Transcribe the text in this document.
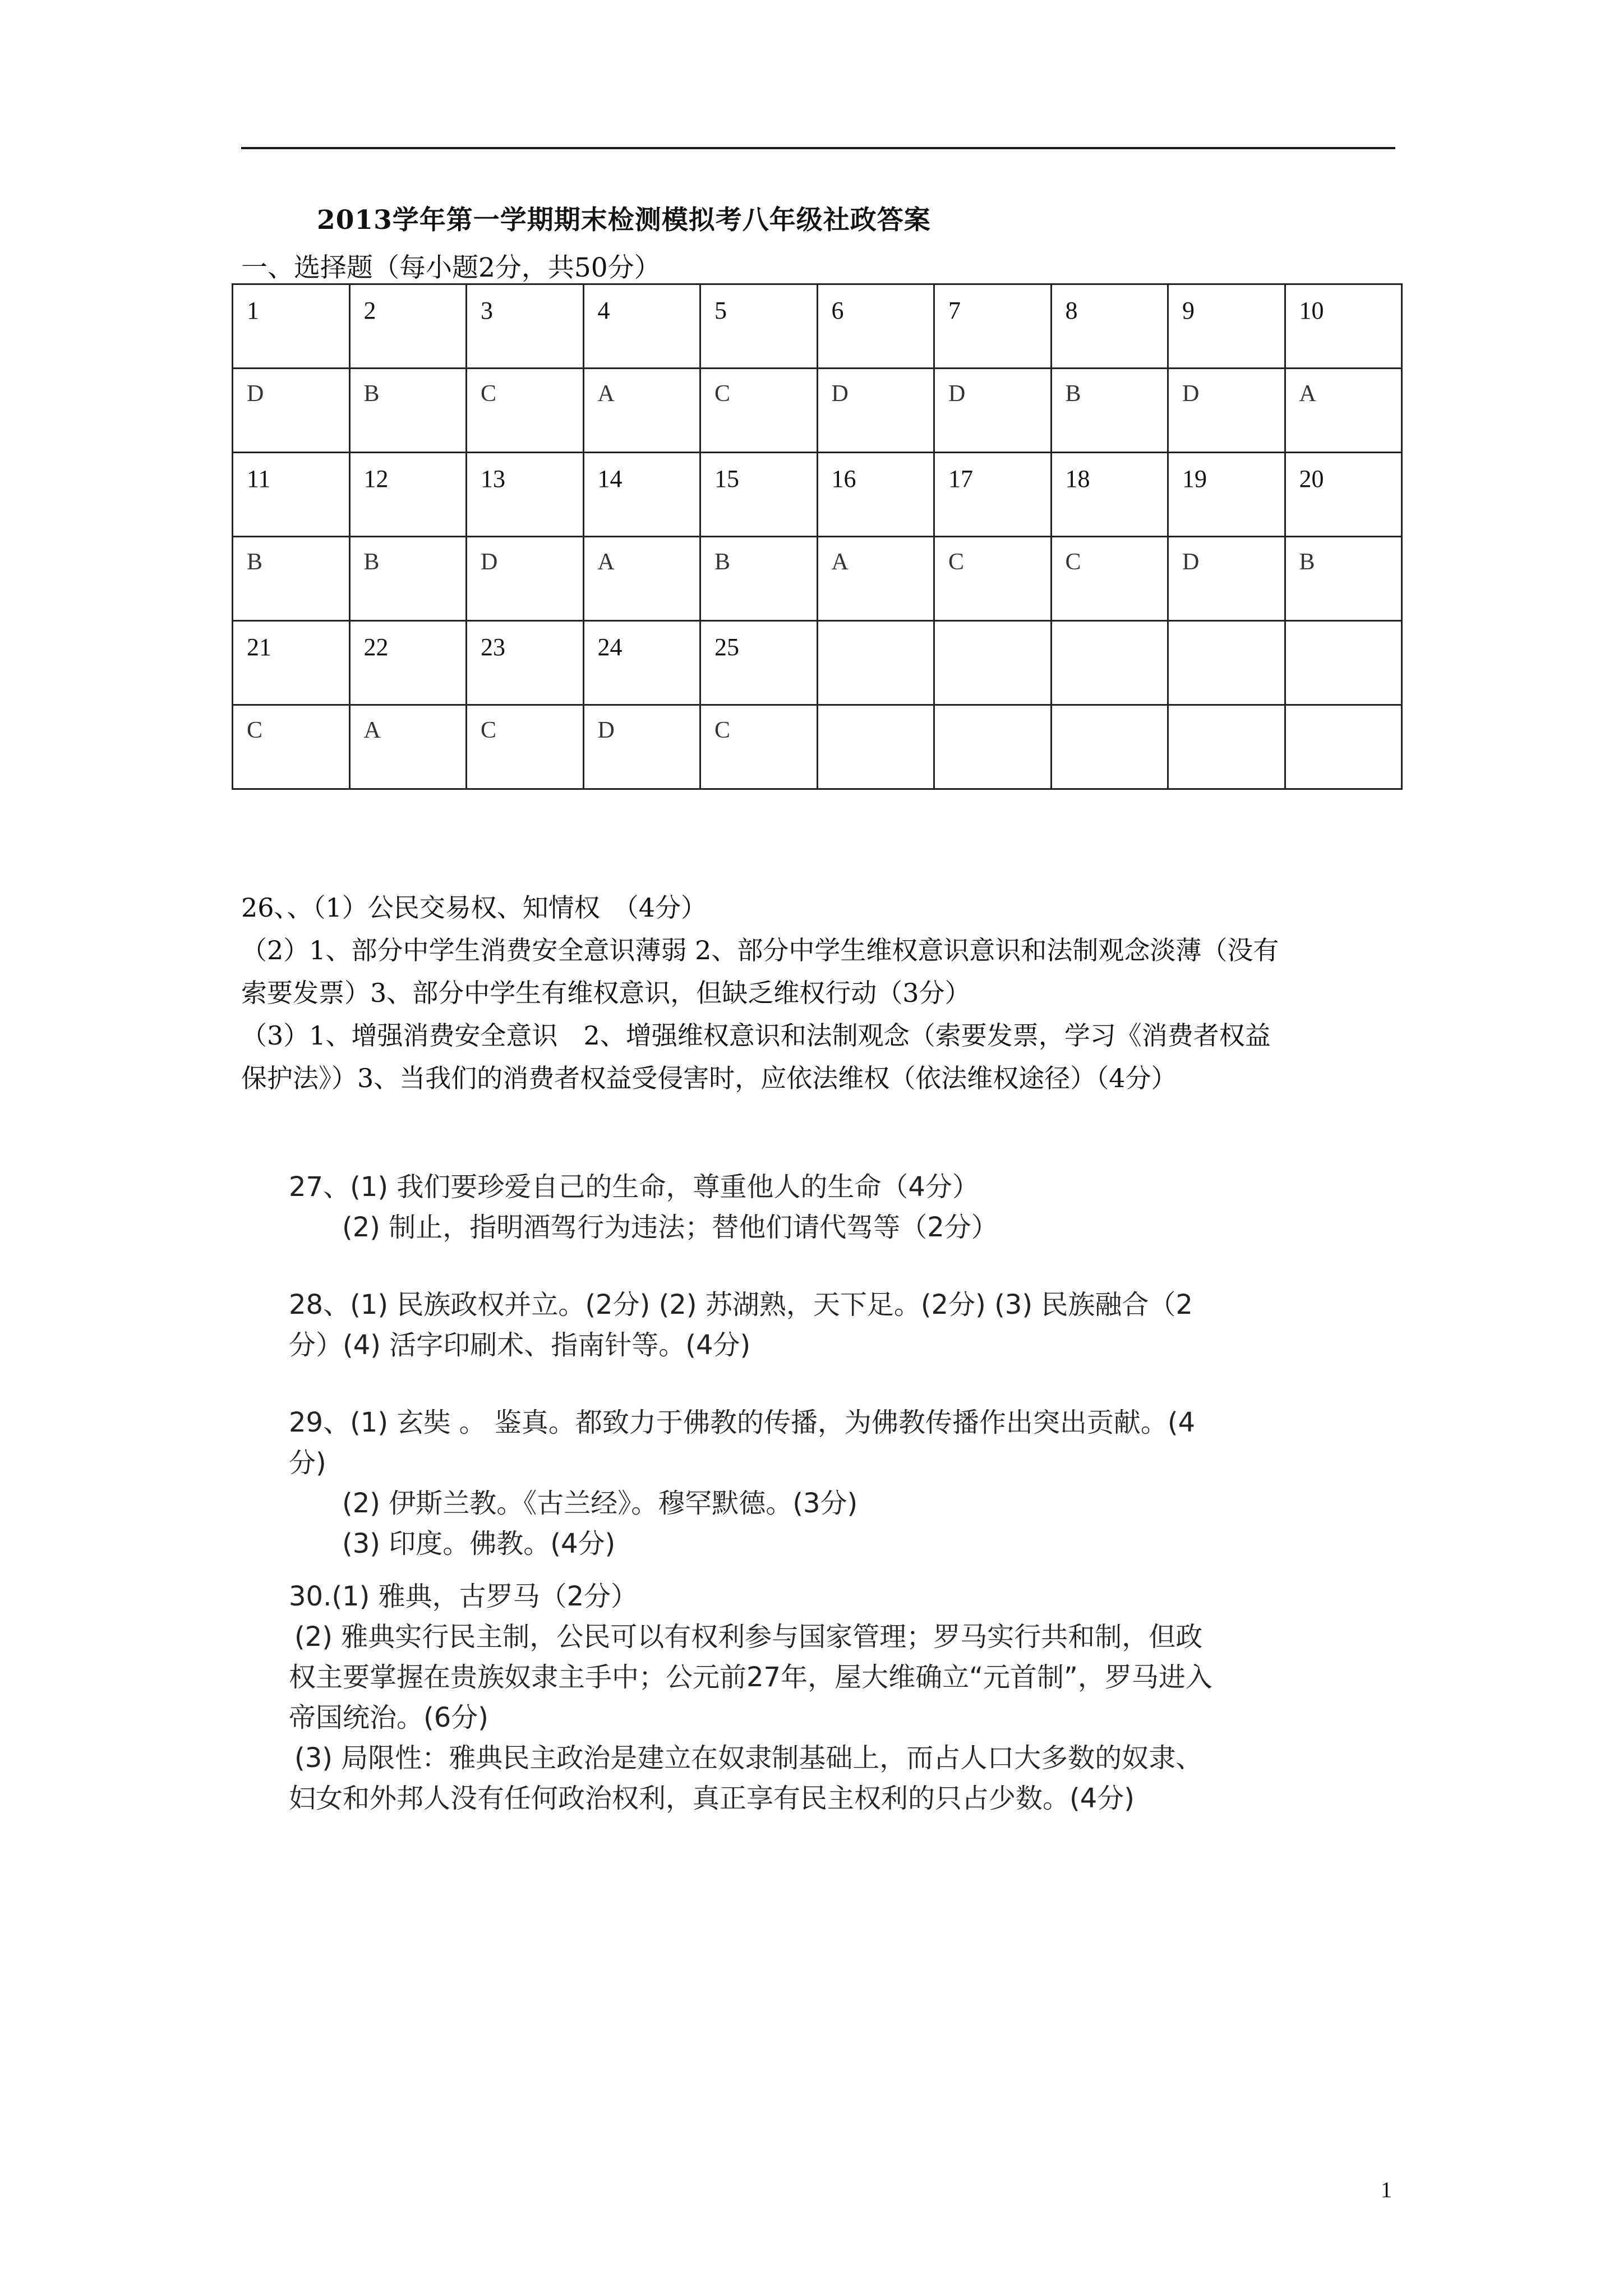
2013学年第一学期期末检测模拟考八年级社政答案
一、选择题（每小题2分，共50分）
1	2	3	4	5	6	7	8	9	10
D	B	C	A	C	D	D	B	D	A
11	12	13	14	15	16	17	18	19	20
B	B	D	A	B	A	C	C	D	B
21	22	23	24	25					
C	A	C	D	C					

26、、（1）公民交易权、知情权　（4分）

（2）1、部分中学生消费安全意识薄弱 2、部分中学生维权意识意识和法制观念淡薄（没有

索要发票）3、部分中学生有维权意识，但缺乏维权行动（3分）

（3）1、增强消费安全意识　2、增强维权意识和法制观念（索要发票，学习《消费者权益

保护法》）3、当我们的消费者权益受侵害时，应依法维权（依法维权途径）（4分）

27、(1) 我们要珍爱自己的生命，尊重他人的生命（4分）

(2) 制止，指明酒驾行为违法；替他们请代驾等（2分）

28、(1) 民族政权并立。(2分) (2) 苏湖熟，天下足。(2分) (3) 民族融合（2

分）(4) 活字印刷术、指南针等。(4分)

29、(1) 玄奘 。 鉴真。都致力于佛教的传播，为佛教传播作出突出贡献。(4

分)

(2) 伊斯兰教。《古兰经》。穆罕默德。(3分)

(3) 印度。佛教。(4分)

30.(1) 雅典，古罗马（2分）

(2) 雅典实行民主制，公民可以有权利参与国家管理；罗马实行共和制，但政

权主要掌握在贵族奴隶主手中；公元前27年，屋大维确立“元首制”，罗马进入

帝国统治。(6分)

(3) 局限性：雅典民主政治是建立在奴隶制基础上，而占人口大多数的奴隶、

妇女和外邦人没有任何政治权利，真正享有民主权利的只占少数。(4分)

1
